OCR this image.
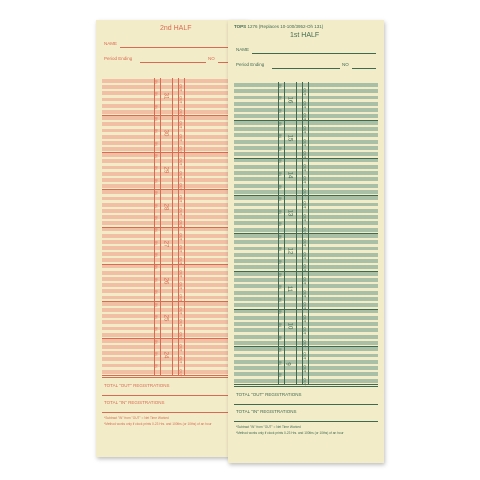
2nd HALF
NAME
Period Ending	NO
31
IN
OUT
IN
OUT
IN
OUT
30
IN
OUT
IN
OUT
IN
OUT
29
IN
OUT
IN
OUT
IN
OUT
28
IN
OUT
IN
OUT
IN
OUT
27
IN
OUT
IN
OUT
IN
OUT
26
IN
OUT
IN
OUT
IN
OUT
25
IN
OUT
IN
OUT
IN
OUT
24
IN
OUT
IN
OUT
IN
OUT
TOTAL "OUT" REGISTRATIONS
TOTAL "IN" REGISTRATIONS
*Subtract "IN" from "OUT" = Net Time Worked
*Method works only if clock prints 0-23 Hrs. and 100ths (or 10ths) of an hour
TOPS 1276 (Replaces 10-100/3952-Oh 131)
1st HALF
NAME
Period Ending	NO
16
IN
OUT
IN
OUT
IN
OUT
15
IN
OUT
IN
OUT
IN
OUT
14
IN
OUT
IN
OUT
IN
OUT
13
IN
OUT
IN
OUT
IN
OUT
12
IN
OUT
IN
OUT
IN
OUT
11
IN
OUT
IN
OUT
IN
OUT
10
IN
OUT
IN
OUT
IN
OUT
9
IN
OUT
IN
OUT
IN
OUT
TOTAL "OUT" REGISTRATIONS
TOTAL "IN" REGISTRATIONS
*Subtract "IN" from "OUT" = Net Time Worked
*Method works only if clock prints 0-23 Hrs. and 100ths (or 10ths) of an hour
